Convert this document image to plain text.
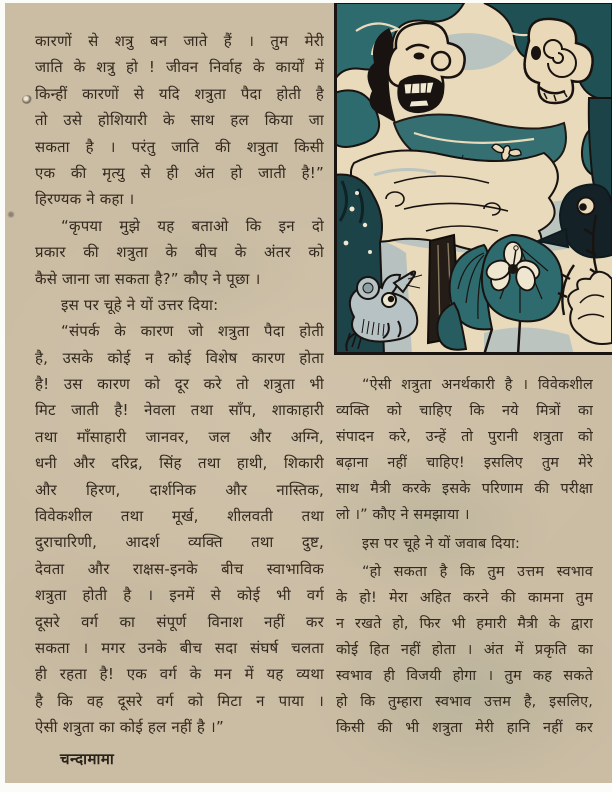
कारणों से शत्रु बन जाते हैं । तुम मेरी
जाति के शत्रु हो ! जीवन निर्वाह के कार्यों में
किन्हीं कारणों से यदि शत्रुता पैदा होती है
तो उसे होशियारी के साथ हल किया जा
सकता है । परंतु जाति की शत्रुता किसी
एक की मृत्यु से ही अंत हो जाती है!”
हिरण्यक ने कहा ।
“कृपया मुझे यह बताओ कि इन दो
प्रकार की शत्रुता के बीच के अंतर को
कैसे जाना जा सकता है?” कौए ने पूछा ।
इस पर चूहे ने यों उत्तर दिया:
“संपर्क के कारण जो शत्रुता पैदा होती
है, उसके कोई न कोई विशेष कारण होता
है! उस कारण को दूर करे तो शत्रुता भी
मिट जाती है! नेवला तथा साँप, शाकाहारी
तथा माँसाहारी जानवर, जल और अग्नि,
धनी और दरिद्र, सिंह तथा हाथी, शिकारी
और हिरण, दार्शनिक और नास्तिक,
विवेकशील तथा मूर्ख, शीलवती तथा
दुराचारिणी, आदर्श व्यक्ति तथा दुष्ट,
देवता और राक्षस-इनके बीच स्वाभाविक
शत्रुता होती है । इनमें से कोई भी वर्ग
दूसरे वर्ग का संपूर्ण विनाश नहीं कर
सकता । मगर उनके बीच सदा संघर्ष चलता
ही रहता है! एक वर्ग के मन में यह व्यथा
है कि वह दूसरे वर्ग को मिटा न पाया ।
ऐसी शत्रुता का कोई हल नहीं है ।”
“ऐसी शत्रुता अनर्थकारी है । विवेकशील
व्यक्ति को चाहिए कि नये मित्रों का
संपादन करे, उन्हें तो पुरानी शत्रुता को
बढ़ाना नहीं चाहिए! इसलिए तुम मेरे
साथ मैत्री करके इसके परिणाम की परीक्षा
लो ।” कौए ने समझाया ।
इस पर चूहे ने यों जवाब दिया:
“हो सकता है कि तुम उत्तम स्वभाव
के हो! मेरा अहित करने की कामना तुम
न रखते हो, फिर भी हमारी मैत्री के द्वारा
कोई हित नहीं होता । अंत में प्रकृति का
स्वभाव ही विजयी होगा । तुम कह सकते
हो कि तुम्हारा स्वभाव उत्तम है, इसलिए,
किसी की भी शत्रुता मेरी हानि नहीं कर
चन्दामामा
